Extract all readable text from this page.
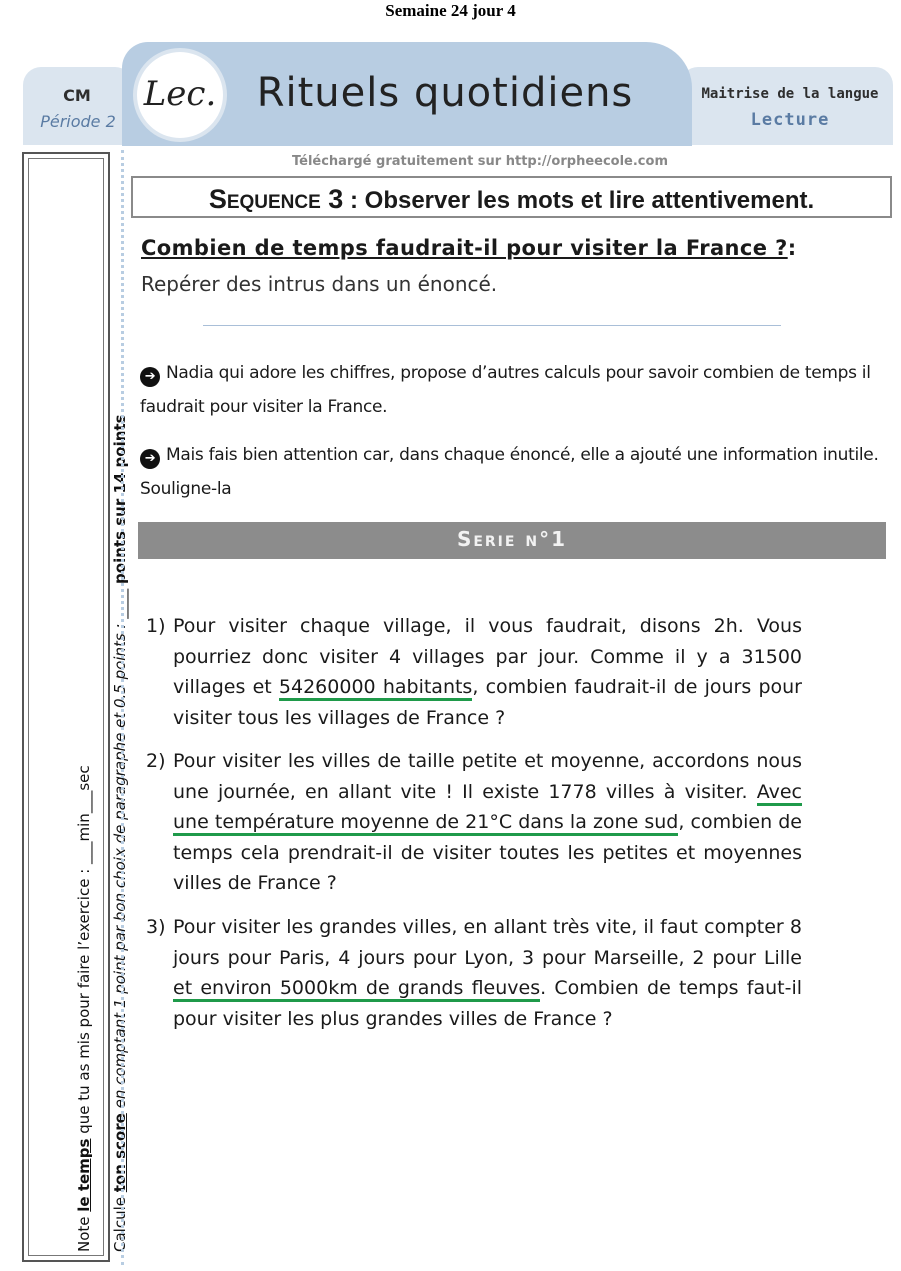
Semaine 24 jour 4
CM
Période 2
Lec.	Rituels quotidiens	Maitrise de la langue
Lecture
Note le temps que tu as mis pour faire l’exercice : ___min___sec
Calcule ton score en comptant 1 point par bon choix de paragraphe et 0.5 points : ____ points sur 14 points
Téléchargé gratuitement sur http://orpheecole.com
Sequence 3 : Observer les mots et lire attentivement.
Combien de temps faudrait-il pour visiter la France ?:
Repérer des intrus dans un énoncé.
➔ Nadia qui adore les chiffres, propose d’autres calculs pour savoir combien de temps il faudrait pour visiter la France.
➔ Mais fais bien attention car, dans chaque énoncé, elle a ajouté une information inutile. Souligne-la
Serie n°1
1) Pour visiter chaque village, il vous faudrait, disons 2h. Vous pourriez donc visiter 4 villages par jour. Comme il y a 31500 villages et 54260000 habitants, combien faudrait-il de jours pour visiter tous les villages de France ?
2) Pour visiter les villes de taille petite et moyenne, accordons nous une journée, en allant vite ! Il existe 1778 villes à visiter. Avec une température moyenne de 21°C dans la zone sud, combien de temps cela prendrait-il de visiter toutes les petites et moyennes villes de France ?
3) Pour visiter les grandes villes, en allant très vite, il faut compter 8 jours pour Paris, 4 jours pour Lyon, 3 pour Marseille, 2 pour Lille et environ 5000km de grands fleuves. Combien de temps faut-il pour visiter les plus grandes villes de France ?
